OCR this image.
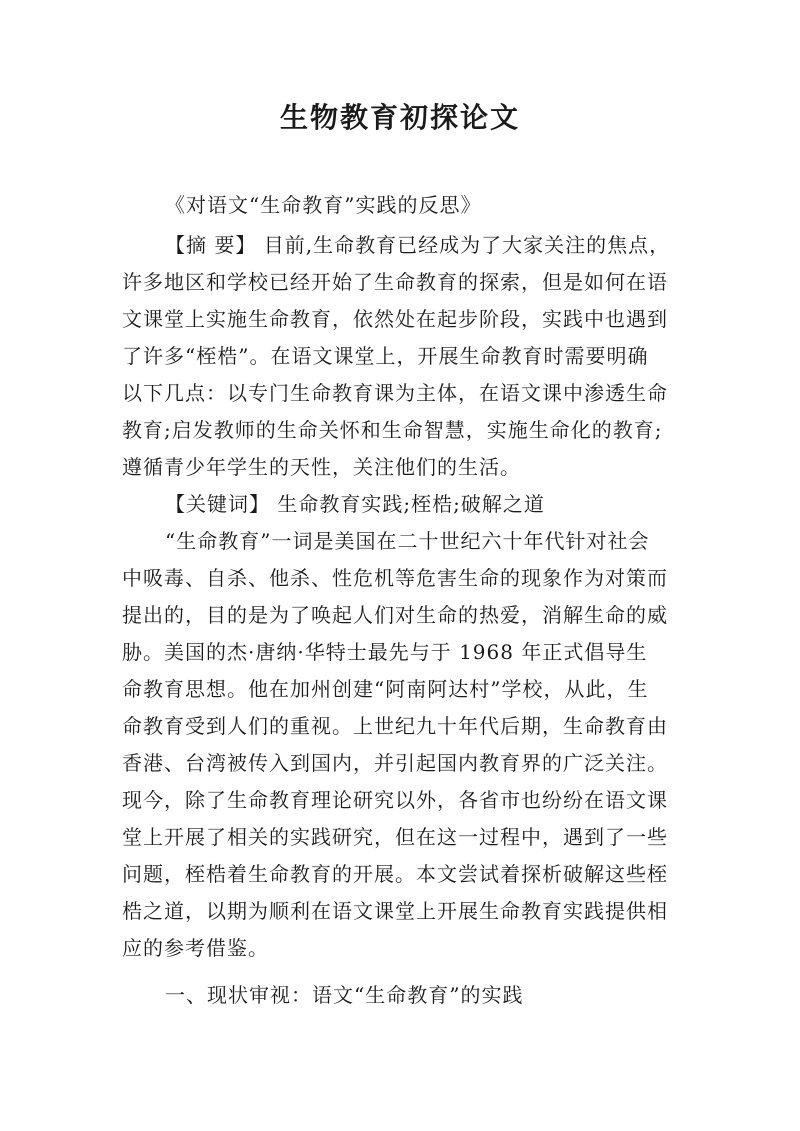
生物教育初探论文

《对语文“生命教育”实践的反思》

【摘 要】 目前,生命教育已经成为了大家关注的焦点，

许多地区和学校已经开始了生命教育的探索，但是如何在语

文课堂上实施生命教育，依然处在起步阶段，实践中也遇到

了许多“桎梏”。在语文课堂上，开展生命教育时需要明确

以下几点：以专门生命教育课为主体，在语文课中渗透生命

教育;启发教师的生命关怀和生命智慧，实施生命化的教育;

遵循青少年学生的天性，关注他们的生活。

【关键词】 生命教育实践;桎梏;破解之道

“生命教育”一词是美国在二十世纪六十年代针对社会

中吸毒、自杀、他杀、性危机等危害生命的现象作为对策而

提出的，目的是为了唤起人们对生命的热爱，消解生命的威

胁。美国的杰·唐纳·华特士最先与于 1968 年正式倡导生

命教育思想。他在加州创建“阿南阿达村”学校，从此，生

命教育受到人们的重视。上世纪九十年代后期，生命教育由

香港、台湾被传入到国内，并引起国内教育界的广泛关注。

现今，除了生命教育理论研究以外，各省市也纷纷在语文课

堂上开展了相关的实践研究，但在这一过程中，遇到了一些

问题，桎梏着生命教育的开展。本文尝试着探析破解这些桎

梏之道，以期为顺利在语文课堂上开展生命教育实践提供相

应的参考借鉴。

一、现状审视：语文“生命教育”的实践
